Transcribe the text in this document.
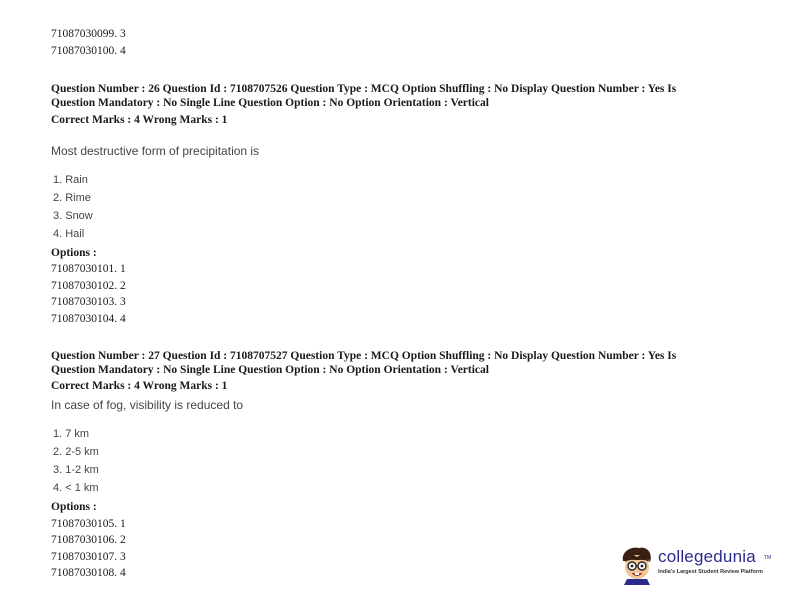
71087030099. 3
71087030100. 4
Question Number : 26 Question Id : 7108707526 Question Type : MCQ Option Shuffling : No Display Question Number : Yes Is
Question Mandatory : No Single Line Question Option : No Option Orientation : Vertical
Correct Marks : 4 Wrong Marks : 1
Most destructive form of precipitation is
1. Rain
2. Rime
3. Snow
4. Hail
Options :
71087030101. 1
71087030102. 2
71087030103. 3
71087030104. 4
Question Number : 27 Question Id : 7108707527 Question Type : MCQ Option Shuffling : No Display Question Number : Yes Is
Question Mandatory : No Single Line Question Option : No Option Orientation : Vertical
Correct Marks : 4 Wrong Marks : 1
In case of fog, visibility is reduced to
1. 7 km
2. 2-5 km
3. 1-2 km
4. < 1 km
Options :
71087030105. 1
71087030106. 2
71087030107. 3
71087030108. 4
collegedunia TM
India's Largest Student Review Platform
